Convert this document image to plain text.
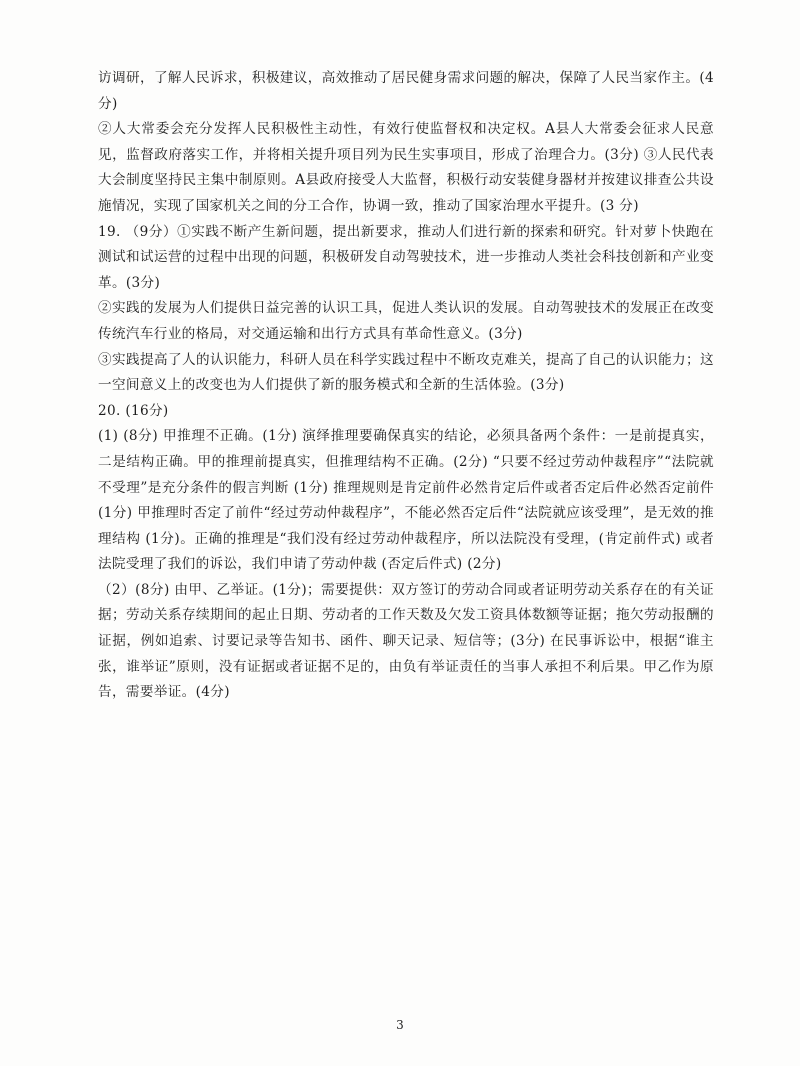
访调研，了解人民诉求，积极建议，高效推动了居民健身需求问题的解决，保障了人民当家作主。(4分)

②人大常委会充分发挥人民积极性主动性，有效行使监督权和决定权。A县人大常委会征求人民意见，监督政府落实工作，并将相关提升项目列为民生实事项目，形成了治理合力。(3分) ③人民代表大会制度坚持民主集中制原则。A县政府接受人大监督，积极行动安装健身器材并按建议排查公共设施情况，实现了国家机关之间的分工合作，协调一致，推动了国家治理水平提升。(3 分)

19. （9分）①实践不断产生新问题，提出新要求，推动人们进行新的探索和研究。针对萝卜快跑在测试和试运营的过程中出现的问题，积极研发自动驾驶技术，进一步推动人类社会科技创新和产业变革。(3分)

②实践的发展为人们提供日益完善的认识工具，促进人类认识的发展。自动驾驶技术的发展正在改变传统汽车行业的格局，对交通运输和出行方式具有革命性意义。(3分)

③实践提高了人的认识能力，科研人员在科学实践过程中不断攻克难关，提高了自己的认识能力；这一空间意义上的改变也为人们提供了新的服务模式和全新的生活体验。(3分)

20. (16分)

(1) (8分) 甲推理不正确。(1分) 演绎推理要确保真实的结论，必须具备两个条件：一是前提真实，二是结构正确。甲的推理前提真实，但推理结构不正确。(2分) “只要不经过劳动仲裁程序”“法院就不受理”是充分条件的假言判断 (1分) 推理规则是肯定前件必然肯定后件或者否定后件必然否定前件 (1分) 甲推理时否定了前件“经过劳动仲裁程序”，不能必然否定后件“法院就应该受理”，是无效的推理结构 (1分)。正确的推理是“我们没有经过劳动仲裁程序，所以法院没有受理，(肯定前件式) 或者法院受理了我们的诉讼，我们申请了劳动仲裁 (否定后件式) (2分)

（2）(8分) 由甲、乙举证。(1分)；需要提供：双方签订的劳动合同或者证明劳动关系存在的有关证据；劳动关系存续期间的起止日期、劳动者的工作天数及欠发工资具体数额等证据；拖欠劳动报酬的证据，例如追索、讨要记录等告知书、函件、聊天记录、短信等；(3分) 在民事诉讼中，根据“谁主张，谁举证”原则，没有证据或者证据不足的，由负有举证责任的当事人承担不利后果。甲乙作为原告，需要举证。(4分)

3
